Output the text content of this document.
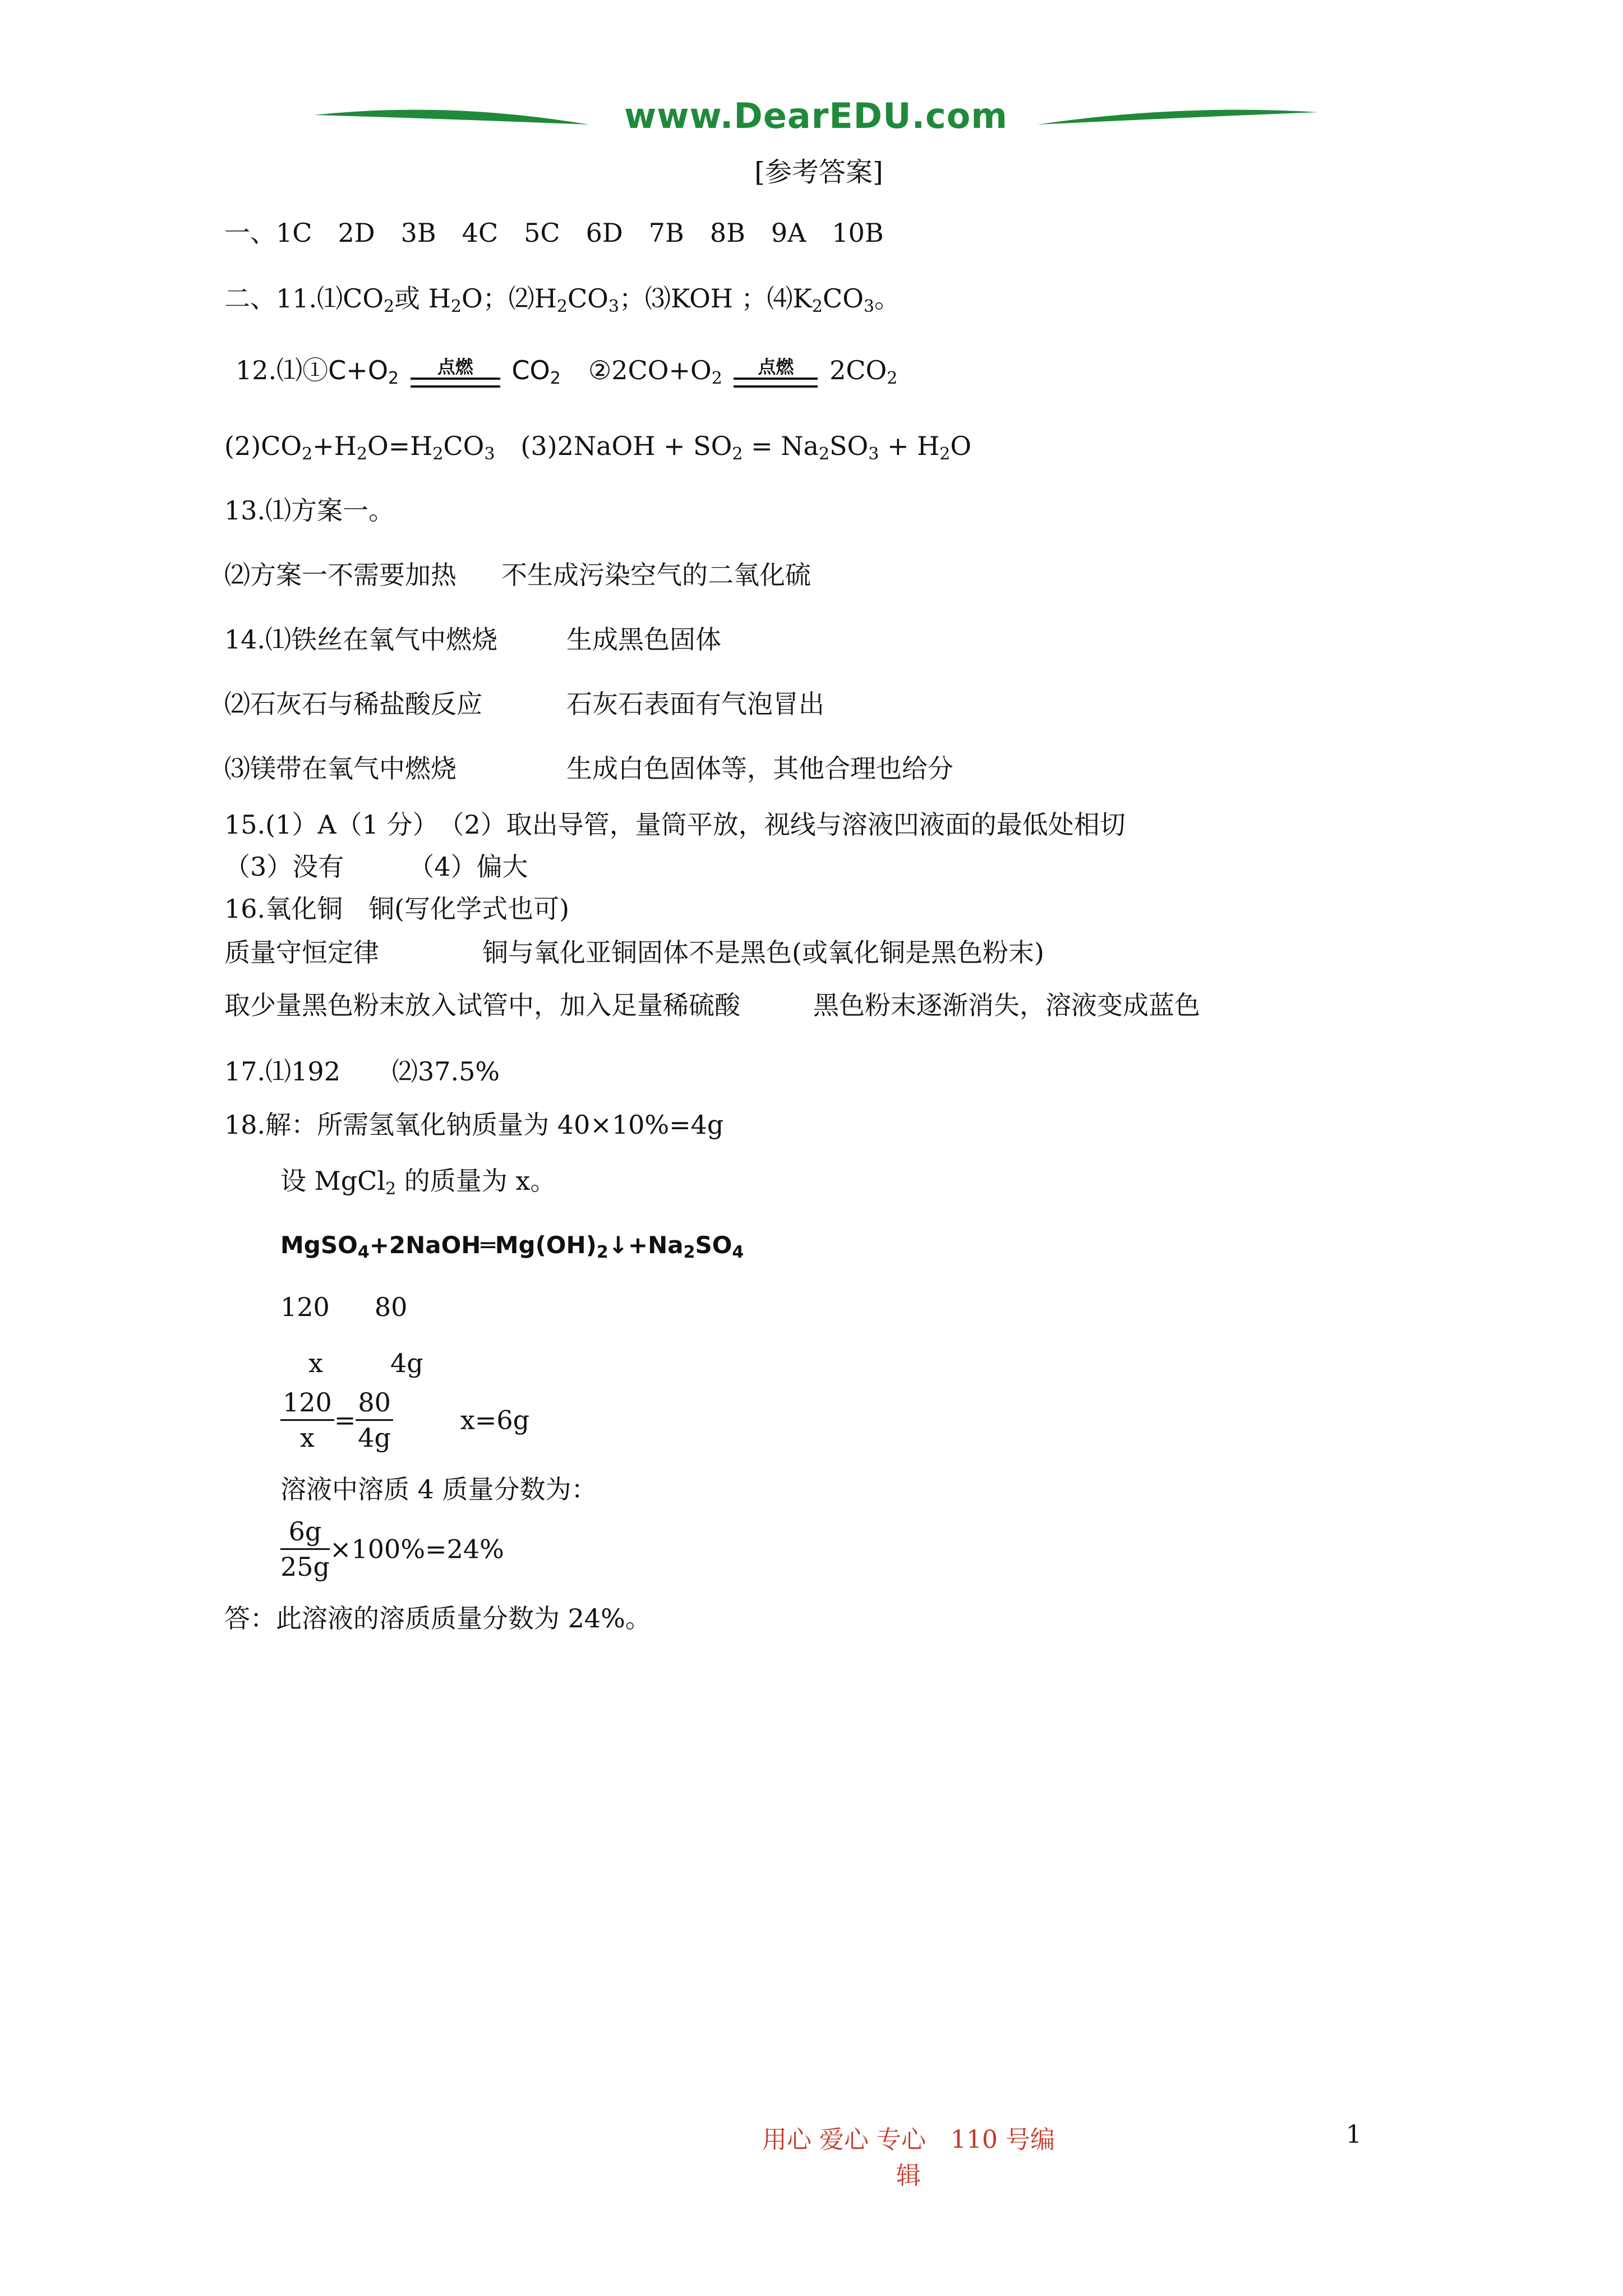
www.DearEDU.com
[参考答案]
一、1C　2D　3B　4C　5C　6D　7B　8B　9A　10B
二、$11.⑴CO_2$或 $H_2O$；$⑵H_2CO_3$；⑶KOH ；$⑷K_2CO_3$。
$12.⑴①C+O_2$
点燃	$CO_2$ $②2CO+O_2$
点燃	$2CO_2$
$(2)CO_2+H_2O=H_2CO_3$　(3)2NaOH + $SO_2 = Na_2SO_3 + H_2O$
13.⑴方案一。
⑵方案一不需要加热 不生成污染空气的二氧化硫
14.⑴铁丝在氧气中燃烧	生成黑色固体
⑵石灰石与稀盐酸反应	石灰石表面有气泡冒出
⑶镁带在氧气中燃烧	生成白色固体等，其他合理也给分
15.(1）A（1 分）　（2）取出导管，量筒平放，视线与溶液凹液面的最低处相切
（3）没有　　　（4）偏大
16.氧化铜　铜(写化学式也可)
质量守恒定律	铜与氧化亚铜固体不是黑色(或氧化铜是黑色粉末)
取少量黑色粉末放入试管中，加入足量稀硫酸	黑色粉末逐渐消失，溶液变成蓝色
17.⑴192　　⑵37.5%
18.解：所需氢氧化钠质量为 40×10%=4g
设 MgCl$_2$ 的质量为 x。
$MgSO_4+2NaOH═Mg(OH)_2↓+Na_2SO_4$
120 80
x	4g
$\frac{120}{x} = \frac{80}{4g}$	x=6g
溶液中溶质 4 质量分数为：
$\frac{6g}{25g} \times 100\%=24\%$
答：此溶液的溶质质量分数为 24%。
用心 爱心 专心　110 号编辑
1
